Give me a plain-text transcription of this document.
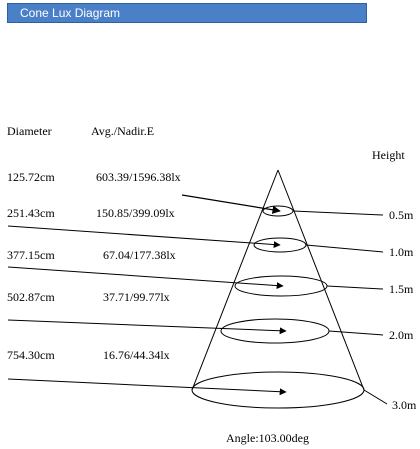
Cone Lux Diagram
Diameter	Avg./Nadir.E
Height
125.72cm	603.39/1596.38lx
0.5m
251.43cm	150.85/399.09lx
1.0m
377.15cm	67.04/177.38lx
1.5m
502.87cm	37.71/99.77lx
2.0m
754.30cm	16.76/44.34lx
3.0m
Angle:103.00deg
